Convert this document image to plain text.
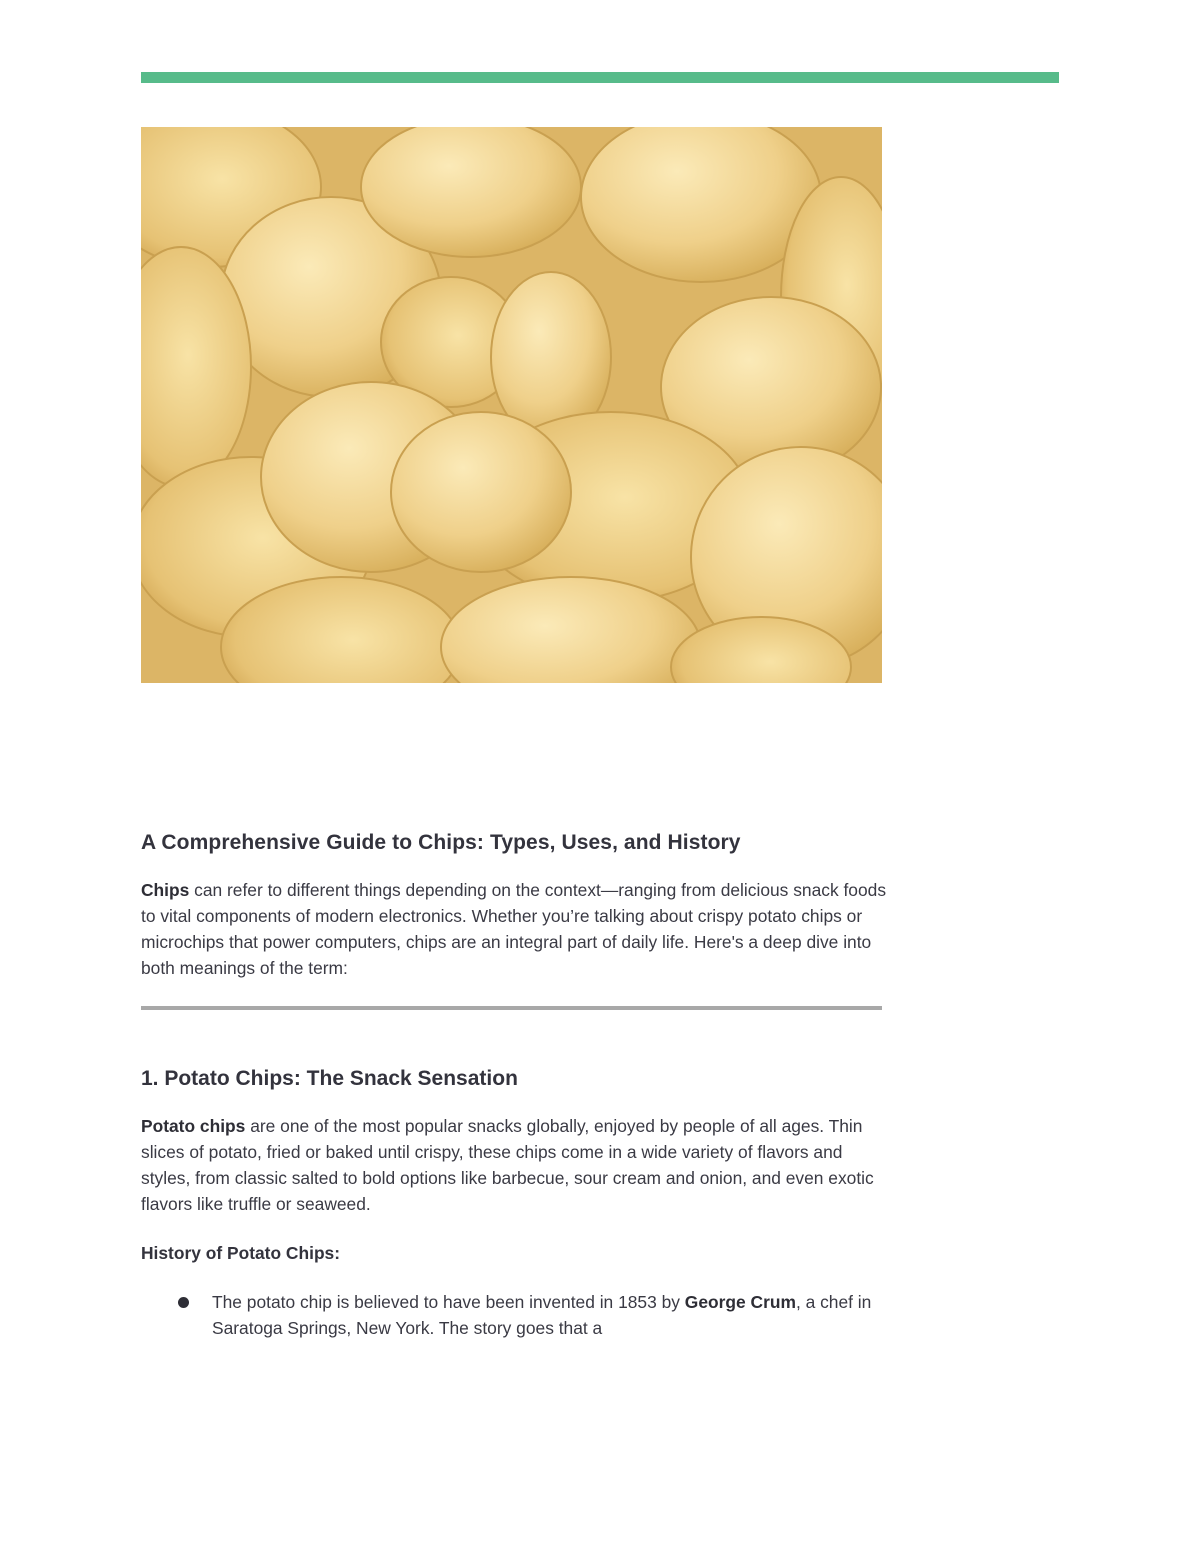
A Comprehensive Guide to Chips: Types, Uses, and History

Chips can refer to different things depending on the context—ranging from delicious snack foods to vital components of modern electronics. Whether you’re talking about crispy potato chips or microchips that power computers, chips are an integral part of daily life. Here's a deep dive into both meanings of the term:

1. Potato Chips: The Snack Sensation

Potato chips are one of the most popular snacks globally, enjoyed by people of all ages. Thin slices of potato, fried or baked until crispy, these chips come in a wide variety of flavors and styles, from classic salted to bold options like barbecue, sour cream and onion, and even exotic flavors like truffle or seaweed.

History of Potato Chips:
The potato chip is believed to have been invented in 1853 by George Crum, a chef in Saratoga Springs, New York. The story goes that a
